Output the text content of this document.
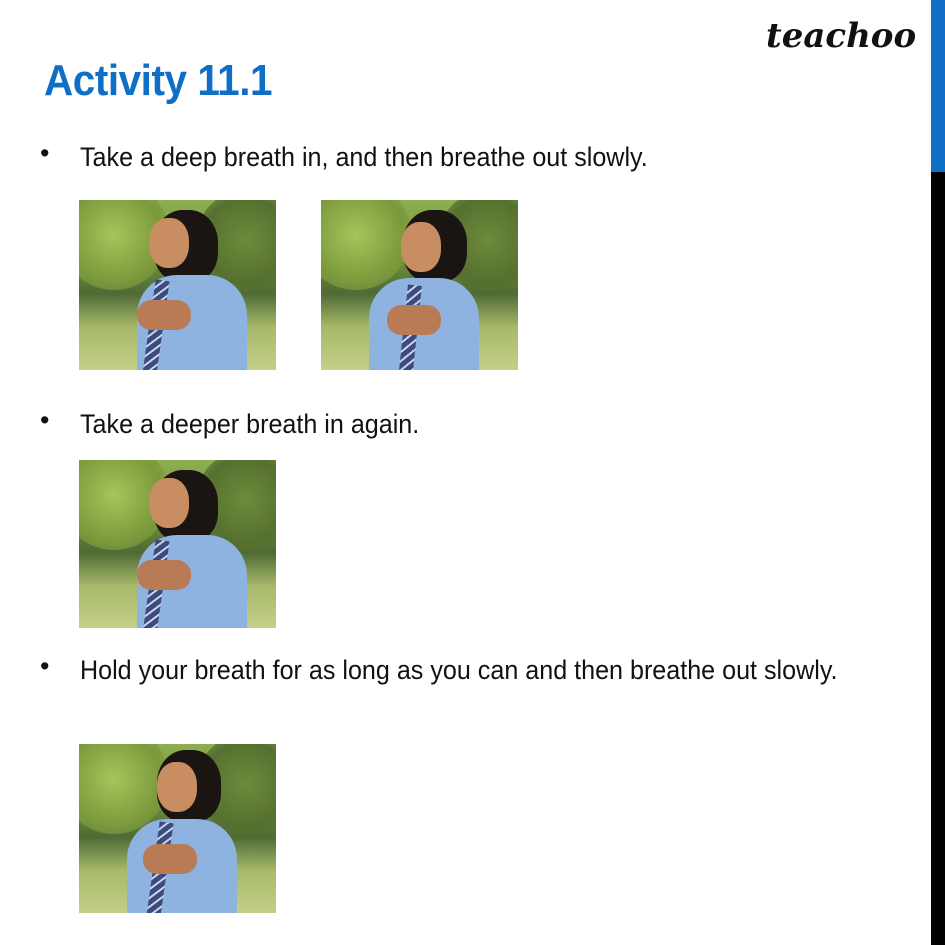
teachoo
Activity 11.1
• Take a deep breath in, and then breathe out slowly.
• Take a deeper breath in again.
• Hold your breath for as long as you can and then breathe out slowly.
